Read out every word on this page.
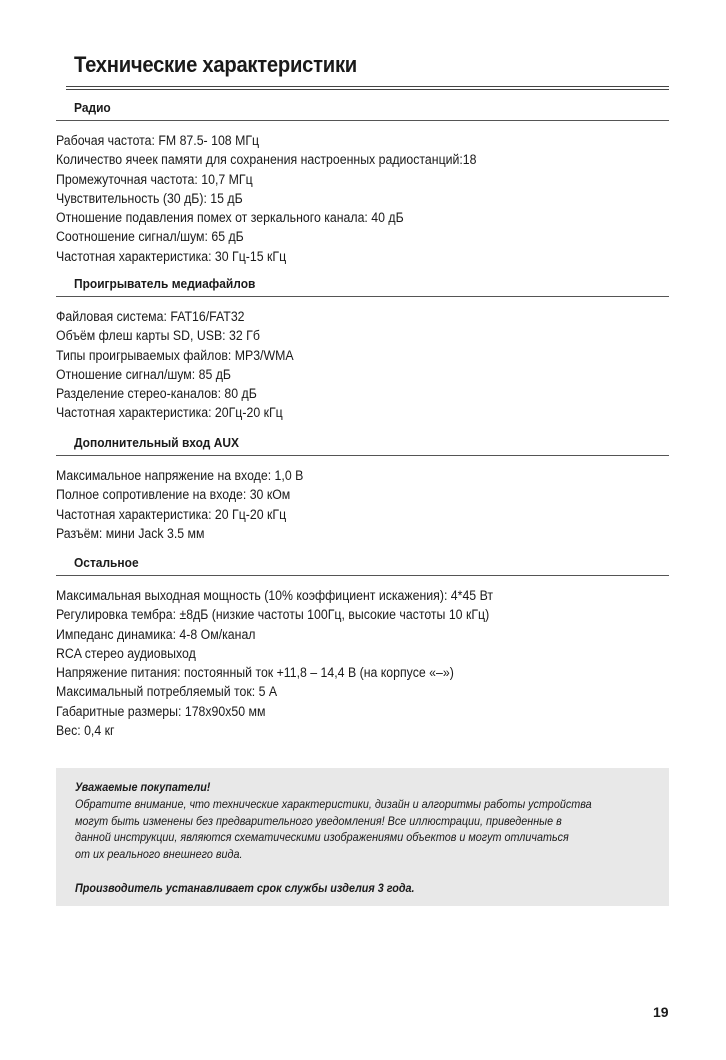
Технические характеристики
Радио
Рабочая частота: FM 87.5- 108 МГц
Количество ячеек памяти для сохранения настроенных радиостанций:18
Промежуточная частота: 10,7 МГц
Чувствительность (30 дБ): 15 дБ
Отношение подавления помех от зеркального канала: 40 дБ
Соотношение сигнал/шум: 65 дБ
Частотная характеристика: 30 Гц-15 кГц
Проигрыватель медиафайлов
Файловая система: FAT16/FAT32
Объём флеш карты SD, USB: 32 Гб
Типы проигрываемых файлов: MP3/WMA
Отношение сигнал/шум: 85 дБ
Разделение стерео-каналов: 80 дБ
Частотная характеристика: 20Гц-20 кГц
Дополнительный вход AUX
Максимальное напряжение на входе: 1,0 В
Полное сопротивление на входе: 30 кОм
Частотная характеристика: 20 Гц-20 кГц
Разъём: мини Jack 3.5 мм
Остальное
Максимальная выходная мощность (10% коэффициент искажения): 4*45 Вт
Регулировка тембра: ±8дБ (низкие частоты 100Гц, высокие частоты 10 кГц)
Импеданс динамика: 4-8 Ом/канал
RCA стерео аудиовыход
Напряжение питания: постоянный ток +11,8 – 14,4 В (на корпусе «–»)
Максимальный потребляемый ток: 5 А
Габаритные размеры: 178x90x50 мм
Вес: 0,4 кг
Уважаемые покупатели!
Обратите внимание, что технические характеристики, дизайн и алгоритмы работы устройства
могут быть изменены без предварительного уведомления! Все иллюстрации, приведенные в
данной инструкции, являются схематическими изображениями объектов и могут отличаться
от их реального внешнего вида.
Производитель устанавливает срок службы изделия 3 года.
19
